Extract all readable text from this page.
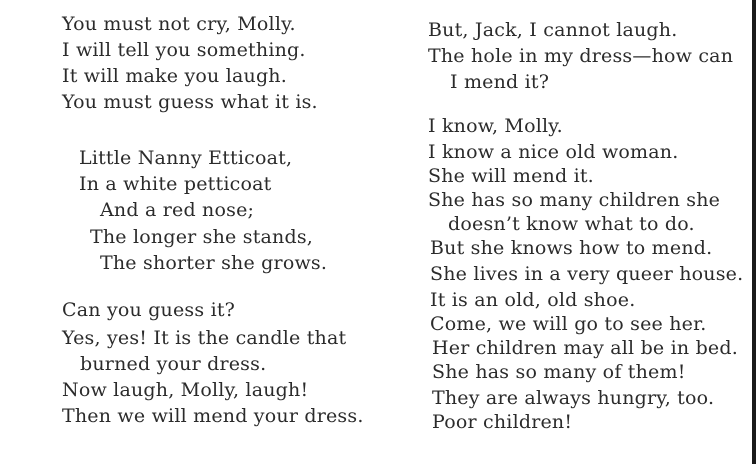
You must not cry, Molly.
I will tell you something.
It will make you laugh.
You must guess what it is.
Little Nanny Etticoat,
In a white petticoat
And a red nose;
The longer she stands,
The shorter she grows.
Can you guess it?
Yes, yes! It is the candle that
burned your dress.
Now laugh, Molly, laugh!
Then we will mend your dress.
But, Jack, I cannot laugh.
The hole in my dress—how can
I mend it?
I know, Molly.
I know a nice old woman.
She will mend it.
She has so many children she
doesn’t know what to do.
But she knows how to mend.
She lives in a very queer house.
It is an old, old shoe.
Come, we will go to see her.
Her children may all be in bed.
She has so many of them!
They are always hungry, too.
Poor children!
